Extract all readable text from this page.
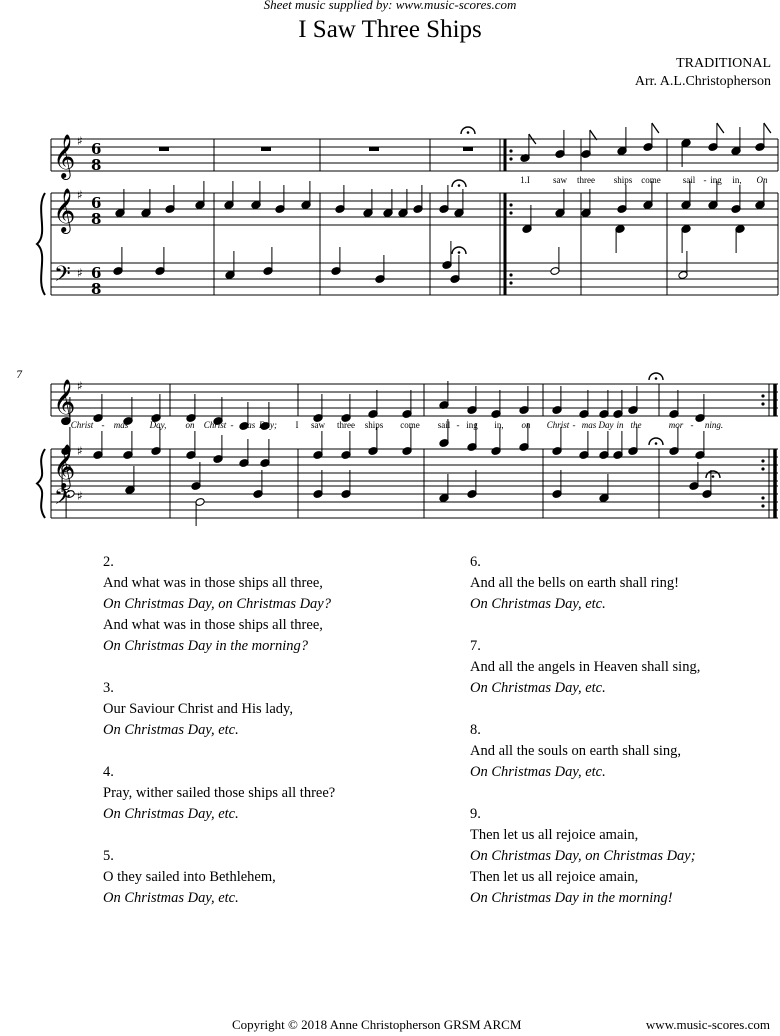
Sheet music supplied by: www.music-scores.com
I Saw Three Ships
TRADITIONAL
Arr. A.L.Christopherson
𝄞
𝄞
𝄢
♯
♯
♯
𝄞
𝄞
𝄢
♯
♯
♯
6
8
6
8
6
8
7
1.I	saw three ships come sail - ing in, On
Christ - mas Day, on Christ - mas Day; I saw three ships come sail - ing in, on Christ - mas Day in the	mor - ning.
2.
And what was in those ships all three,
On Christmas Day, on Christmas Day?
And what was in those ships all three,
On Christmas Day in the morning?
3.
Our Saviour Christ and His lady,
On Christmas Day, etc.
4.
Pray, wither sailed those ships all three?
On Christmas Day, etc.
5.
O they sailed into Bethlehem,
On Christmas Day, etc.
6.
And all the bells on earth shall ring!
On Christmas Day, etc.
7.
And all the angels in Heaven shall sing,
On Christmas Day, etc.
8.
And all the souls on earth shall sing,
On Christmas Day, etc.
9.
Then let us all rejoice amain,
On Christmas Day, on Christmas Day;
Then let us all rejoice amain,
On Christmas Day in the morning!
Copyright © 2018 Anne Christopherson GRSM ARCM	www.music-scores.com
